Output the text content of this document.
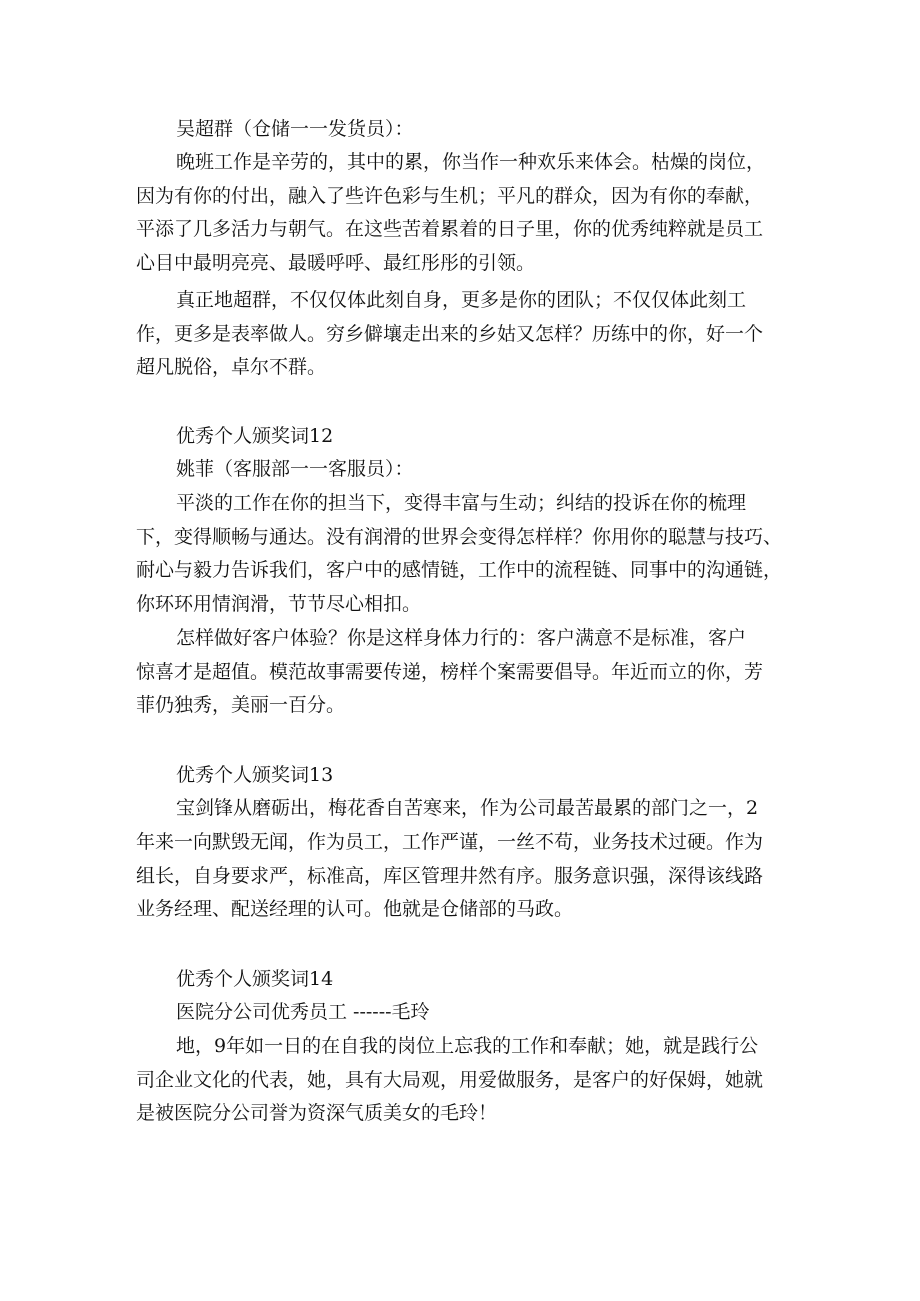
吴超群（仓储一一发货员）：

晚班工作是辛劳的，其中的累，你当作一种欢乐来体会。枯燥的岗位，

因为有你的付出，融入了些许色彩与生机；平凡的群众，因为有你的奉献，

平添了几多活力与朝气。在这些苦着累着的日子里，你的优秀纯粹就是员工

心目中最明亮亮、最暖呼呼、最红彤彤的引领。

真正地超群，不仅仅体此刻自身，更多是你的团队；不仅仅体此刻工

作，更多是表率做人。穷乡僻壤走出来的乡姑又怎样？历练中的你，好一个

超凡脱俗，卓尔不群。

优秀个人颁奖词12

姚菲（客服部一一客服员）：

平淡的工作在你的担当下，变得丰富与生动；纠结的投诉在你的梳理

下，变得顺畅与通达。没有润滑的世界会变得怎样样？你用你的聪慧与技巧、

耐心与毅力告诉我们，客户中的感情链，工作中的流程链、同事中的沟通链，

你环环用情润滑，节节尽心相扣。

怎样做好客户体验？你是这样身体力行的：客户满意不是标准，客户

惊喜才是超值。模范故事需要传递，榜样个案需要倡导。年近而立的你，芳

菲仍独秀，美丽一百分。

优秀个人颁奖词13

宝剑锋从磨砺出，梅花香自苦寒来，作为公司最苦最累的部门之一，2

年来一向默毁无闻，作为员工，工作严谨，一丝不苟，业务技术过硬。作为

组长，自身要求严，标准高，库区管理井然有序。服务意识强，深得该线路

业务经理、配送经理的认可。他就是仓储部的马政。

优秀个人颁奖词14

医院分公司优秀员工 ------毛玲

地，9年如一日的在自我的岗位上忘我的工作和奉献；她，就是践行公

司企业文化的代表，她，具有大局观，用爱做服务，是客户的好保姆，她就

是被医院分公司誉为资深气质美女的毛玲！
